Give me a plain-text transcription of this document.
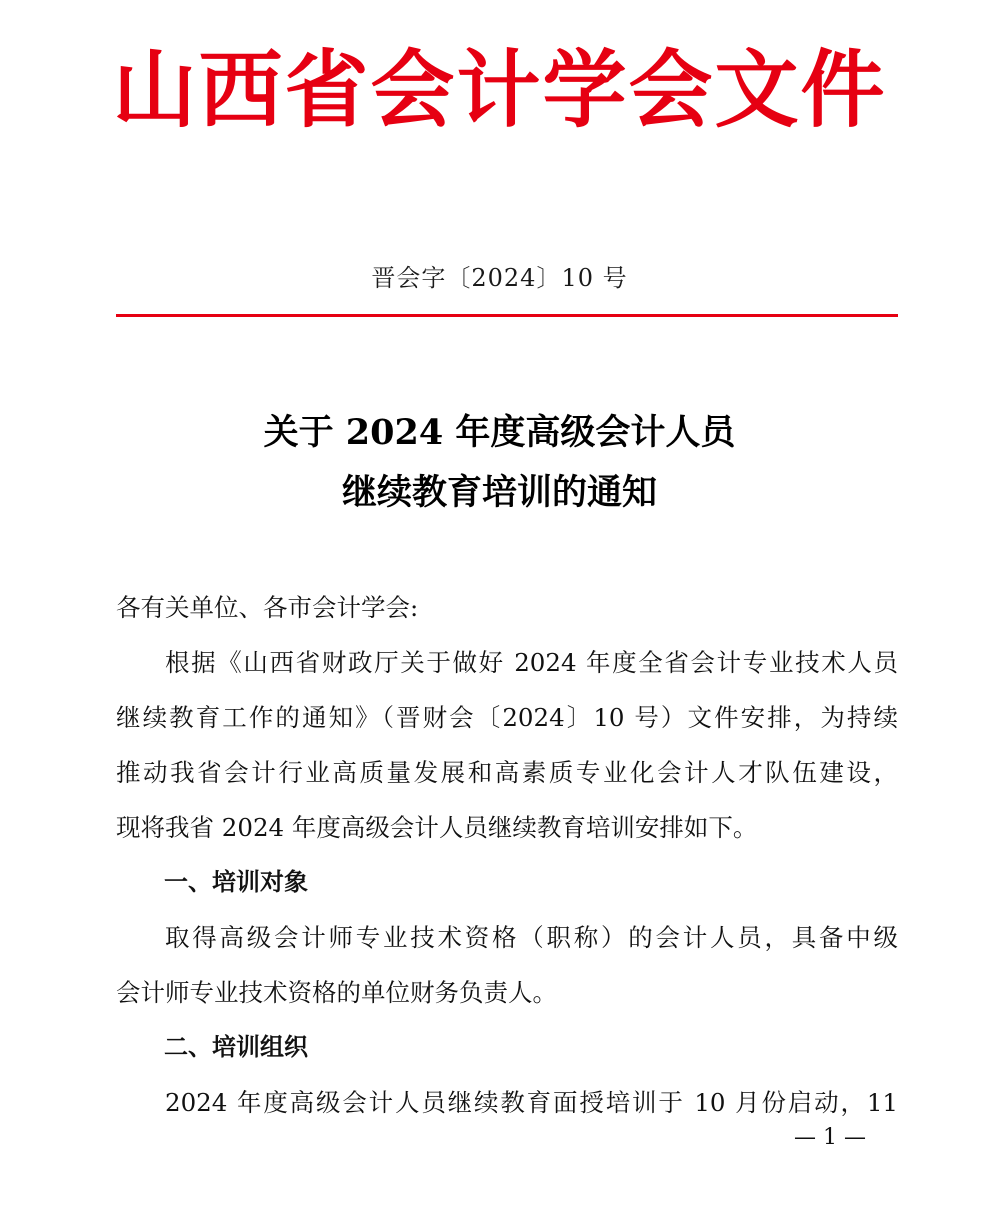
山西省会计学会文件
晋会字〔2024〕10 号
关于 2024 年度高级会计人员
继续教育培训的通知

各有关单位、各市会计学会:

根据《山西省财政厅关于做好 2024 年度全省会计专业技术人员
继续教育工作的通知》（晋财会〔2024〕10 号）文件安排，为持续
推动我省会计行业高质量发展和高素质专业化会计人才队伍建设，
现将我省 2024 年度高级会计人员继续教育培训安排如下。

一、培训对象

取得高级会计师专业技术资格（职称）的会计人员，具备中级
会计师专业技术资格的单位财务负责人。

二、培训组织

2024 年度高级会计人员继续教育面授培训于 10 月份启动，11
— 1 —
